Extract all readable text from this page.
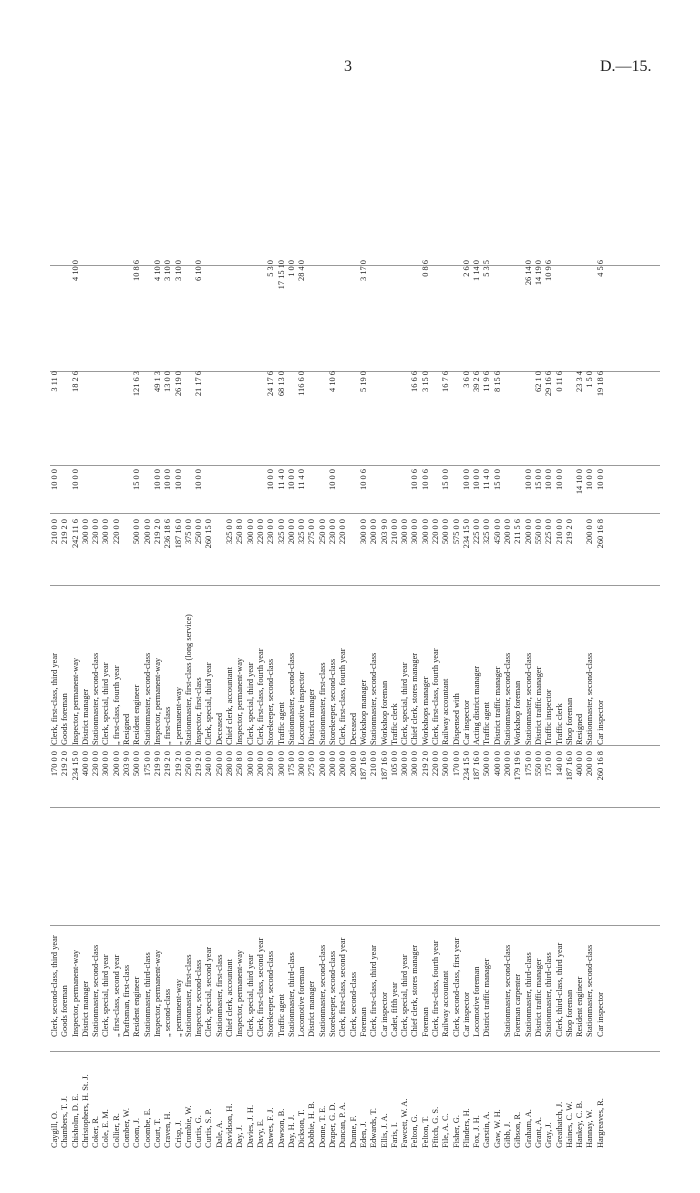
3	D.—15.
Caygill, O.
Clerk, second-class, third year
170 0 0
Clerk, first-class, third year
210 0 0
10 0 0
3 11 0
Chambers, T. J.
Goods foreman
219 2 0
Goods foreman
219 2 0
Chisholm, D. E.
Inspector, permanent-way
234 15 0
Inspector, permanent-way
242 11 6
10 0 0
18 2 6
4 10 0
Christophers, H. St. J.
District manager
400 0 0
District manager
300 0 0
Coker, R.
Stationmaster, second-class
230 0 0
Stationmaster, second-class
230 0 0
Cole, E. M.
Clerk, special, third year
300 0 0
Clerk, special, third year
300 0 0
Collier, R.
„ first-class, second year
200 0 0
„ first-class, fourth year
220 0 0
Comber, W.
Draftsman, first-class
203 9 0
Resigned
Coom, J.
Resident engineer
500 0 0
Resident engineer
500 0 0
15 0 0
121 6 3
10 8 6
Coombe, E.
Stationmaster, third-class
175 0 0
Stationmaster, second-class
200 0 0
Court, T.
Inspector, permanent-way
219 9 0
Inspector, permanent-way
219 2 0
10 0 0
49 1 3
4 10 0
Craven, H.
„ second-class
219 2 0
„ first-class
236 18 6
10 0 0
13 0 0
3 10 0
Crisp, J.
„ permanent-way
219 2 0
„ permanent-way
187 16 0
10 0 0
26 19 0
3 10 0
Crombie, W.
Stationmaster, first-class
250 0 0
Stationmaster, first-class (long service)
375 0 0
Curtis, G.
Inspector, second-class
219 2 0
Inspector, first-class
250 0 0
10 0 0
21 17 6
6 10 0
Curtis, S. P.
Clerk, special, second year
240 0 0
Clerk, special, third year
260 15 0
Dale, A.
Stationmaster, first-class
250 0 0
Deceased
Davidson, H.
Chief clerk, accountant
280 0 0
Chief clerk, accountant
325 0 0
Day, J.
Inspector, permanent-way
250 8 0
Inspector, permanent-way
250 8 0
Davies, J. H.
Clerk, special, third year
300 0 0
Clerk, special, third year
300 0 0
Davy, E.
Clerk, first-class, second year
200 0 0
Clerk, first-class, fourth year
220 0 0
Dawes, F. J.
Storekeeper, second-class
230 0 0
Storekeeper, second-class
230 0 0
10 0 0
24 17 6
5 3 0
Dawson, B.
Traffic agent
300 0 0
Traffic agent
325 0 0
11 4 0
68 13 0
17 15 10
Day, H. J.
Stationmaster, third-class
175 0 0
Stationmaster, second-class
200 0 0
10 0 0
1 0 0
Dickson, T.
Locomotive foreman
300 0 0
Locomotive inspector
325 0 0
11 4 0
116 6 0
28 4 0
Dobbie, H. B.
District manager
275 0 0
District manager
275 0 0
Donne, T. E.
Stationmaster, second-class
200 0 0
Stationmaster, first-class
250 0 0
Draper, G. D.
Storekeeper, second-class
200 0 0
Storekeeper, second-class
230 0 0
10 0 0
4 10 6
Duncan, P. A.
Clerk, first-class, second year
200 0 0
Clerk, first-class, fourth year
220 0 0
Dunne, F.
Clerk, second-class
200 0 0
Deceased
Eden, J.
Foreman
187 16 0
Workshop manager
300 0 0
10 0 6
5 19 0
3 17 0
Edwards, T.
Clerk, first-class, third year
210 0 0
Stationmaster, second-class
200 0 0
Ellis, J. A.
Car inspector
187 16 0
Workshop foreman
203 9 0
Faris, I.
Cadet, fifth year
105 0 0
Traffic clerk
210 0 0
Fawcett, W. A.
Clerk, special, third year
300 0 0
Clerk, special, third year
300 0 0
Felton, G.
Chief clerk, stores manager
300 0 0
Chief clerk, stores manager
300 0 0
10 0 6
16 6 6
Felton, T.
Foreman
219 2 0
Workshops manager
300 0 0
10 0 6
3 15 0
0 8 6
Ffitch, G. S.
Clerk, first-class, fourth year
220 0 0
Clerk, first-class, fourth year
220 0 0
File, A. C.
Railway accountant
500 0 0
Railway accountant
500 0 0
15 0 0
16 7 6
Fisher, G.
Clerk, second-class, first year
170 0 0
Dispensed with
575 0 0
Flinders, H.
Car inspector
234 15 0
Car inspector
234 15 0
10 0 0
3 6 0
2 6 0
Fox, J. H.
Locomotive foreman
187 16 0
Acting district manager
225 0 0
10 0 0
39 2 6
1 14 0
Garstin, A.
District traffic manager
500 0 0
Traffic agent
325 0 0
11 4 0
11 9 6
5 3 5
Gaw, W. H.
400 0 0
District traffic manager
450 0 0
15 0 0
8 15 6
Gibb, J.
Stationmaster, second-class
200 0 0
Stationmaster, second-class
200 0 0
Gibson, R.
Foreman carpenter
179 19 6
Workshop foreman
211 5 6
Graham, A.
Stationmaster, third-class
175 0 0
Stationmaster, second-class
200 0 0
10 0 0
26 14 0
Grant, A.
District traffic manager
550 0 0
District traffic manager
550 0 0
15 0 0
62 1 0
14 19 0
Gray, J.
Stationmaster, third-class
175 0 0
Traffic inspector
225 0 0
10 0 0
29 16 6
10 9 6
Greathatch, J.
Clerk, third-class, third year
140 0 0
Traffic clerk
210 0 0
10 0 0
0 11 6
Haines, C. W.
Shop foreman
187 16 0
Shop foreman
219 2 0
Hankey, C. B.
Resident engineer
400 0 0
Resigned
14 10 0
23 3 4
Hannay, W.
Stationmaster, second-class
200 0 0
Stationmaster, second-class
200 0 0
10 0 0
1 5 0
Hargreaves, R.
Car inspector
260 16 8
Car inspector
260 16 8
10 0 0
19 18 6
4 5 6
